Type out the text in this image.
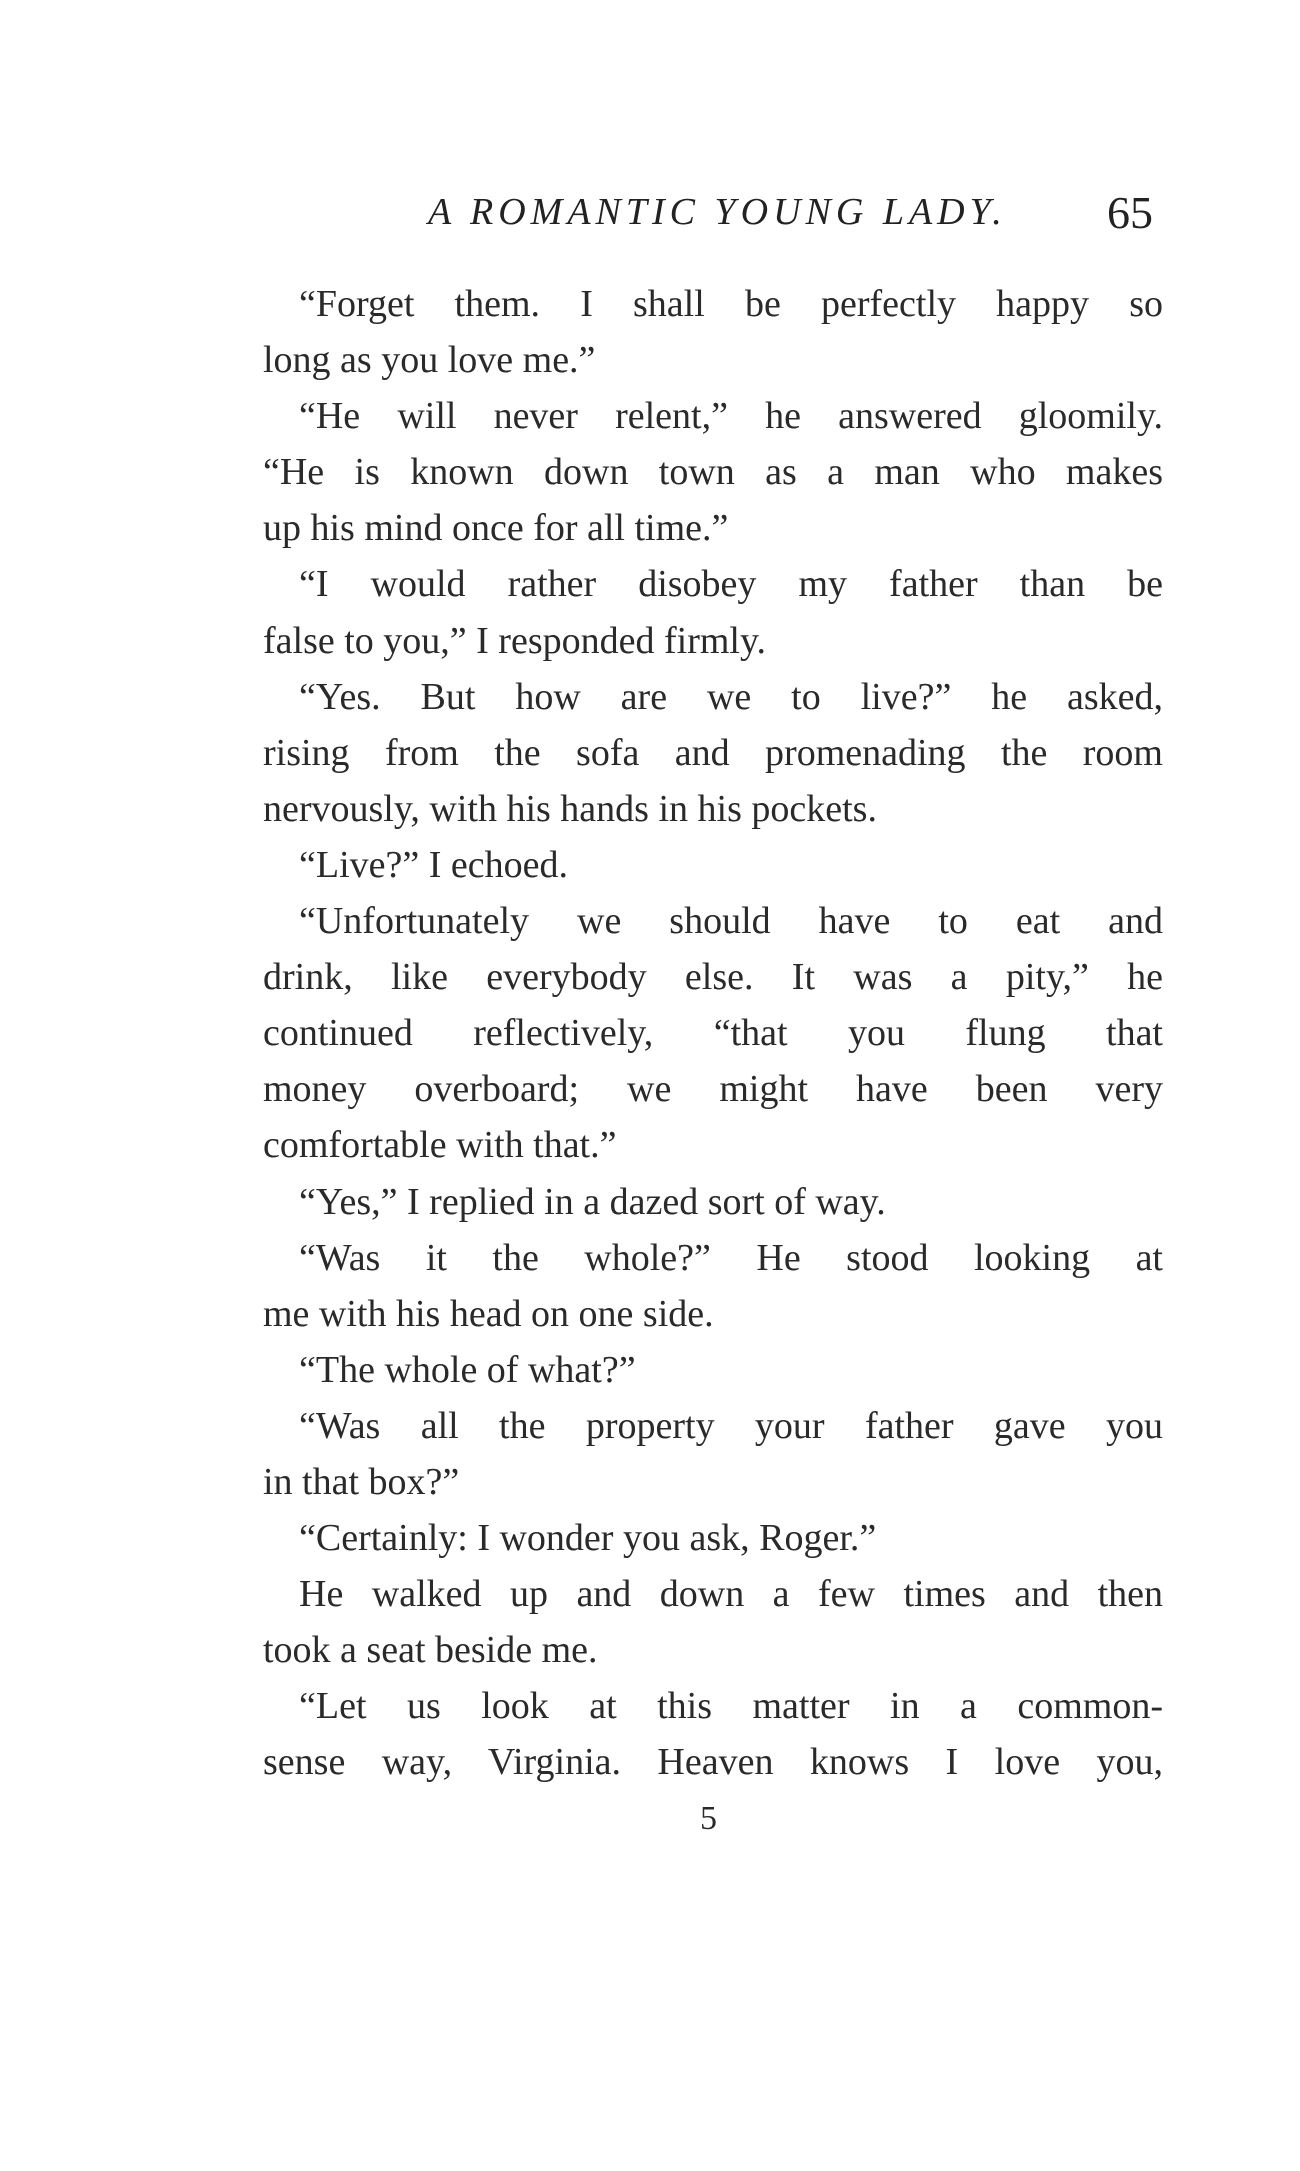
A ROMANTIC YOUNG LADY. 65
“Forget them. I shall be perfectly happy so
long as you love me.”
“He will never relent,” he answered gloomily.
“He is known down town as a man who makes
up his mind once for all time.”
“I would rather disobey my father than be
false to you,” I responded firmly.
“Yes. But how are we to live?” he asked,
rising from the sofa and promenading the room
nervously, with his hands in his pockets.
“Live?” I echoed.
“Unfortunately we should have to eat and
drink, like everybody else. It was a pity,” he
continued reflectively, “that you flung that
money overboard; we might have been very
comfortable with that.”
“Yes,” I replied in a dazed sort of way.
“Was it the whole?” He stood looking at
me with his head on one side.
“The whole of what?”
“Was all the property your father gave you
in that box?”
“Certainly: I wonder you ask, Roger.”
He walked up and down a few times and then
took a seat beside me.
“Let us look at this matter in a common-
sense way, Virginia. Heaven knows I love you,
5
